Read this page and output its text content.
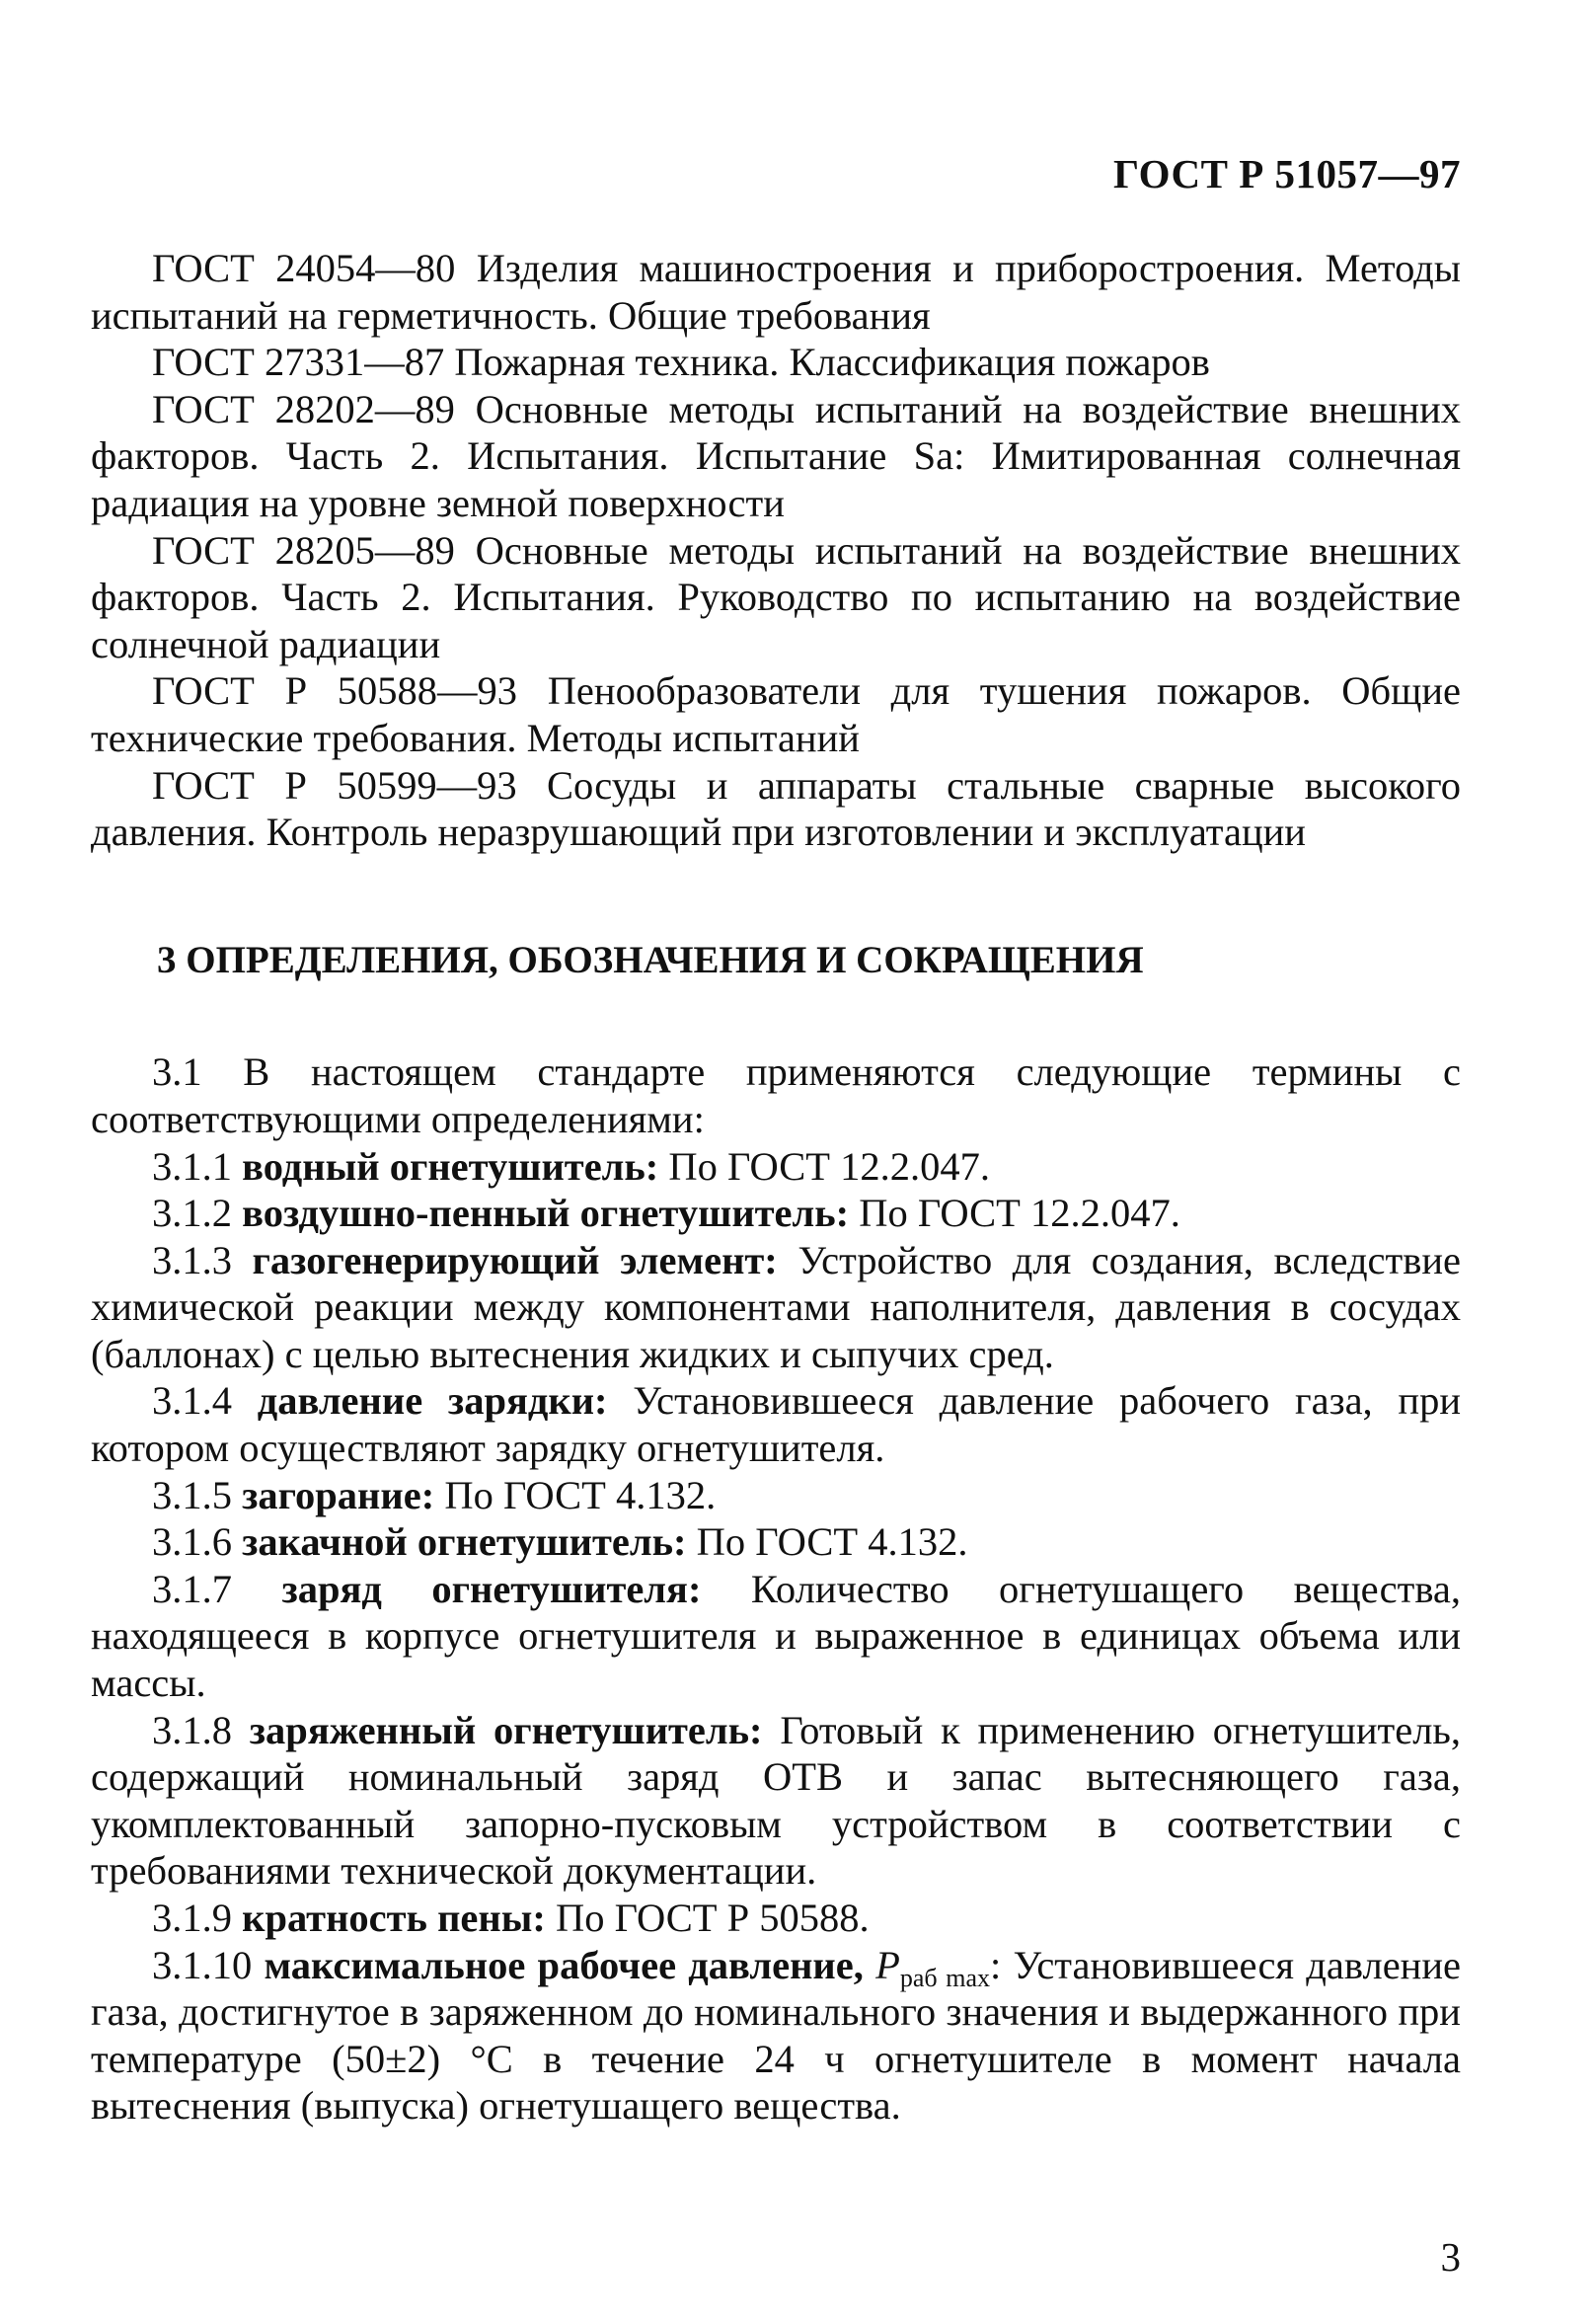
ГОСТ Р 51057—97

ГОСТ 24054—80 Изделия машиностроения и приборостроения. Методы испытаний на герметичность. Общие требования

ГОСТ 27331—87 Пожарная техника. Классификация пожаров

ГОСТ 28202—89 Основные методы испытаний на воздействие внешних факторов. Часть 2. Испытания. Испытание Sa: Имитированная солнечная радиация на уровне земной поверхности

ГОСТ 28205—89 Основные методы испытаний на воздействие внешних факторов. Часть 2. Испытания. Руководство по испытанию на воздействие солнечной радиации

ГОСТ Р 50588—93 Пенообразователи для тушения пожаров. Общие технические требования. Методы испытаний

ГОСТ Р 50599—93 Сосуды и аппараты стальные сварные высокого давления. Контроль неразрушающий при изготовлении и эксплуатации

3 ОПРЕДЕЛЕНИЯ, ОБОЗНАЧЕНИЯ И СОКРАЩЕНИЯ

3.1 В настоящем стандарте применяются следующие термины с соответствующими определениями:

3.1.1 водный огнетушитель: По ГОСТ 12.2.047.

3.1.2 воздушно-пенный огнетушитель: По ГОСТ 12.2.047.

3.1.3 газогенерирующий элемент: Устройство для создания, вследствие химической реакции между компонентами наполнителя, давления в сосудах (баллонах) с целью вытеснения жидких и сыпучих сред.

3.1.4 давление зарядки: Установившееся давление рабочего газа, при котором осуществляют зарядку огнетушителя.

3.1.5 загорание: По ГОСТ 4.132.

3.1.6 закачной огнетушитель: По ГОСТ 4.132.

3.1.7 заряд огнетушителя: Количество огнетушащего вещества, находящееся в корпусе огнетушителя и выраженное в единицах объема или массы.

3.1.8 заряженный огнетушитель: Готовый к применению огнетушитель, содержащий номинальный заряд ОТВ и запас вытесняющего газа, укомплектованный запорно-пусковым устройством в соответствии с требованиями технической документации.

3.1.9 кратность пены: По ГОСТ Р 50588.

3.1.10 максимальное рабочее давление, $P_{раб max}$: Установившееся давление газа, достигнутое в заряженном до номинального значения и выдержанного при температуре (50±2) °С в течение 24 ч огнетушителе в момент начала вытеснения (выпуска) огнетушащего вещества.

3
